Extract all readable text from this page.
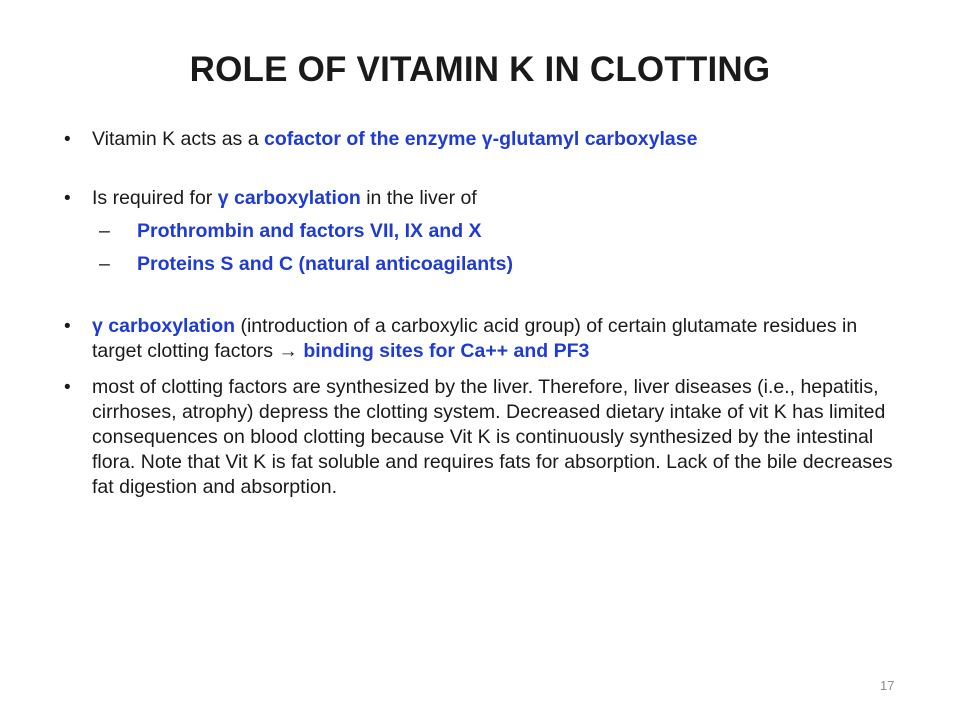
ROLE OF VITAMIN K IN CLOTTING
• Vitamin K acts as a cofactor of the enzyme γ-glutamyl carboxylase
• Is required for γ carboxylation in the liver of
– Prothrombin and factors VII, IX and X
– Proteins S and C (natural anticoagilants)
• γ carboxylation (introduction of a carboxylic acid group) of certain glutamate residues in target clotting factors → binding sites for Ca++ and PF3
• most of clotting factors are synthesized by the liver. Therefore, liver diseases (i.e., hepatitis, cirrhoses, atrophy) depress the clotting system. Decreased dietary intake of vit K has limited consequences on blood clotting because Vit K is continuously synthesized by the intestinal flora. Note that Vit K is fat soluble and requires fats for absorption. Lack of the bile decreases fat digestion and absorption.
17
